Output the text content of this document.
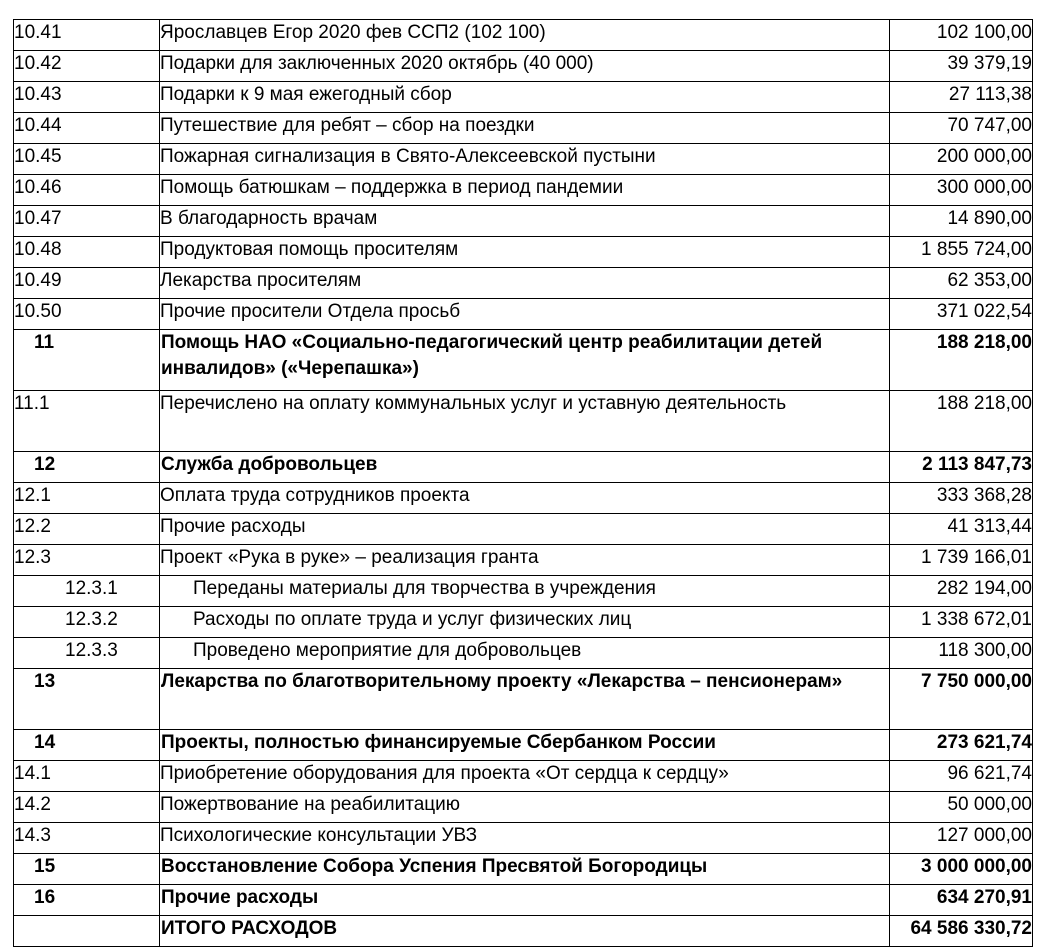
10.41	Ярославцев Егор 2020 фев ССП2 (102 100)	102 100,00
10.42	Подарки для заключенных 2020 октябрь (40 000)	39 379,19
10.43	Подарки к 9 мая ежегодный сбор	27 113,38
10.44	Путешествие для ребят – сбор на поездки	70 747,00
10.45	Пожарная сигнализация в Свято-Алексеевской пустыни	200 000,00
10.46	Помощь батюшкам – поддержка в период пандемии	300 000,00
10.47	В благодарность врачам	14 890,00
10.48	Продуктовая помощь просителям	1 855 724,00
10.49	Лекарства просителям	62 353,00
10.50	Прочие просители Отдела просьб	371 022,54
11	Помощь НАО «Социально-педагогический центр реабилитации детей инвалидов» («Черепашка»)	188 218,00
11.1	Перечислено на оплату коммунальных услуг и уставную деятельность	188 218,00
12	Служба добровольцев	2 113 847,73
12.1	Оплата труда сотрудников проекта	333 368,28
12.2	Прочие расходы	41 313,44
12.3	Проект «Рука в руке» – реализация гранта	1 739 166,01
12.3.1	Переданы материалы для творчества в учреждения	282 194,00
12.3.2	Расходы по оплате труда и услуг физических лиц	1 338 672,01
12.3.3	Проведено мероприятие для добровольцев	118 300,00
13	Лекарства по благотворительному проекту «Лекарства – пенсионерам»	7 750 000,00
14	Проекты, полностью финансируемые Сбербанком России	273 621,74
14.1	Приобретение оборудования для проекта «От сердца к сердцу»	96 621,74
14.2	Пожертвование на реабилитацию	50 000,00
14.3	Психологические консультации УВЗ	127 000,00
15	Восстановление Собора Успения Пресвятой Богородицы	3 000 000,00
16	Прочие расходы	634 270,91
	ИТОГО РАСХОДОВ	64 586 330,72
